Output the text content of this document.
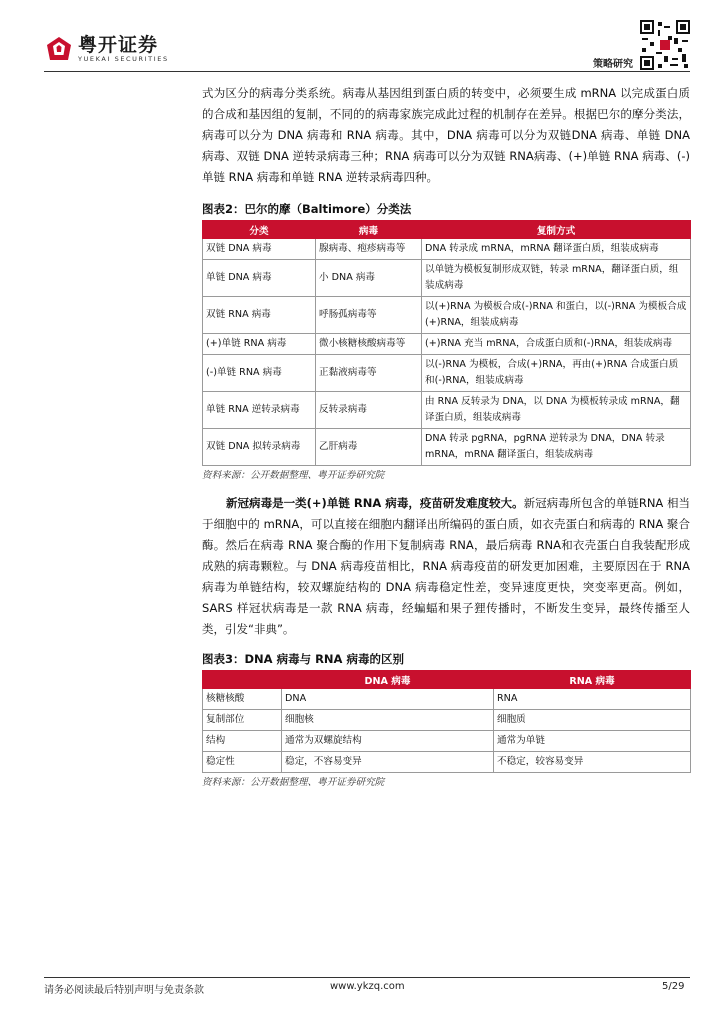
粤开证券
YUEKAI SECURITIES	策略研究

式为区分的病毒分类系统。病毒从基因组到蛋白质的转变中，必须要生成 mRNA 以完成蛋白质的合成和基因组的复制，不同的的病毒家族完成此过程的机制存在差异。根据巴尔的摩分类法，病毒可以分为 DNA 病毒和 RNA 病毒。其中，DNA 病毒可以分为双链DNA 病毒、单链 DNA 病毒、双链 DNA 逆转录病毒三种；RNA 病毒可以分为双链 RNA病毒、(+)单链 RNA 病毒、(-)单链 RNA 病毒和单链 RNA 逆转录病毒四种。

图表2：巴尔的摩（Baltimore）分类法

分类	病毒	复制方式
双链 DNA 病毒	腺病毒、疱疹病毒等	DNA 转录成 mRNA，mRNA 翻译蛋白质，组装成病毒
单链 DNA 病毒	小 DNA 病毒	以单链为模板复制形成双链，转录 mRNA，翻译蛋白质，组装成病毒
双链 RNA 病毒	呼肠孤病毒等	以(+)RNA 为模板合成(-)RNA 和蛋白，以(-)RNA 为模板合成(+)RNA，组装成病毒
(+)单链 RNA 病毒	微小核糖核酸病毒等	(+)RNA 充当 mRNA，合成蛋白质和(-)RNA，组装成病毒
(-)单链 RNA 病毒	正黏液病毒等	以(-)RNA 为模板，合成(+)RNA，再由(+)RNA 合成蛋白质和(-)RNA，组装成病毒
单链 RNA 逆转录病毒	反转录病毒	由 RNA 反转录为 DNA，以 DNA 为模板转录成 mRNA，翻译蛋白质，组装成病毒
双链 DNA 拟转录病毒	乙肝病毒	DNA 转录 pgRNA，pgRNA 逆转录为 DNA，DNA 转录 mRNA，mRNA 翻译蛋白，组装成病毒

资料来源：公开数据整理、粤开证券研究院

新冠病毒是一类(+)单链 RNA 病毒，疫苗研发难度较大。新冠病毒所包含的单链RNA 相当于细胞中的 mRNA，可以直接在细胞内翻译出所编码的蛋白质，如衣壳蛋白和病毒的 RNA 聚合酶。然后在病毒 RNA 聚合酶的作用下复制病毒 RNA，最后病毒 RNA和衣壳蛋白自我装配形成成熟的病毒颗粒。与 DNA 病毒疫苗相比，RNA 病毒疫苗的研发更加困难，主要原因在于 RNA 病毒为单链结构，较双螺旋结构的 DNA 病毒稳定性差，变异速度更快，突变率更高。例如，SARS 样冠状病毒是一款 RNA 病毒，经蝙蝠和果子狸传播时，不断发生变异，最终传播至人类，引发“非典”。

图表3：DNA 病毒与 RNA 病毒的区别

	DNA 病毒	RNA 病毒
核糖核酸	DNA	RNA
复制部位	细胞核	细胞质
结构	通常为双螺旋结构	通常为单链
稳定性	稳定，不容易变异	不稳定，较容易变异

资料来源：公开数据整理、粤开证券研究院

请务必阅读最后特别声明与免责条款	www.ykzq.com	5/29
